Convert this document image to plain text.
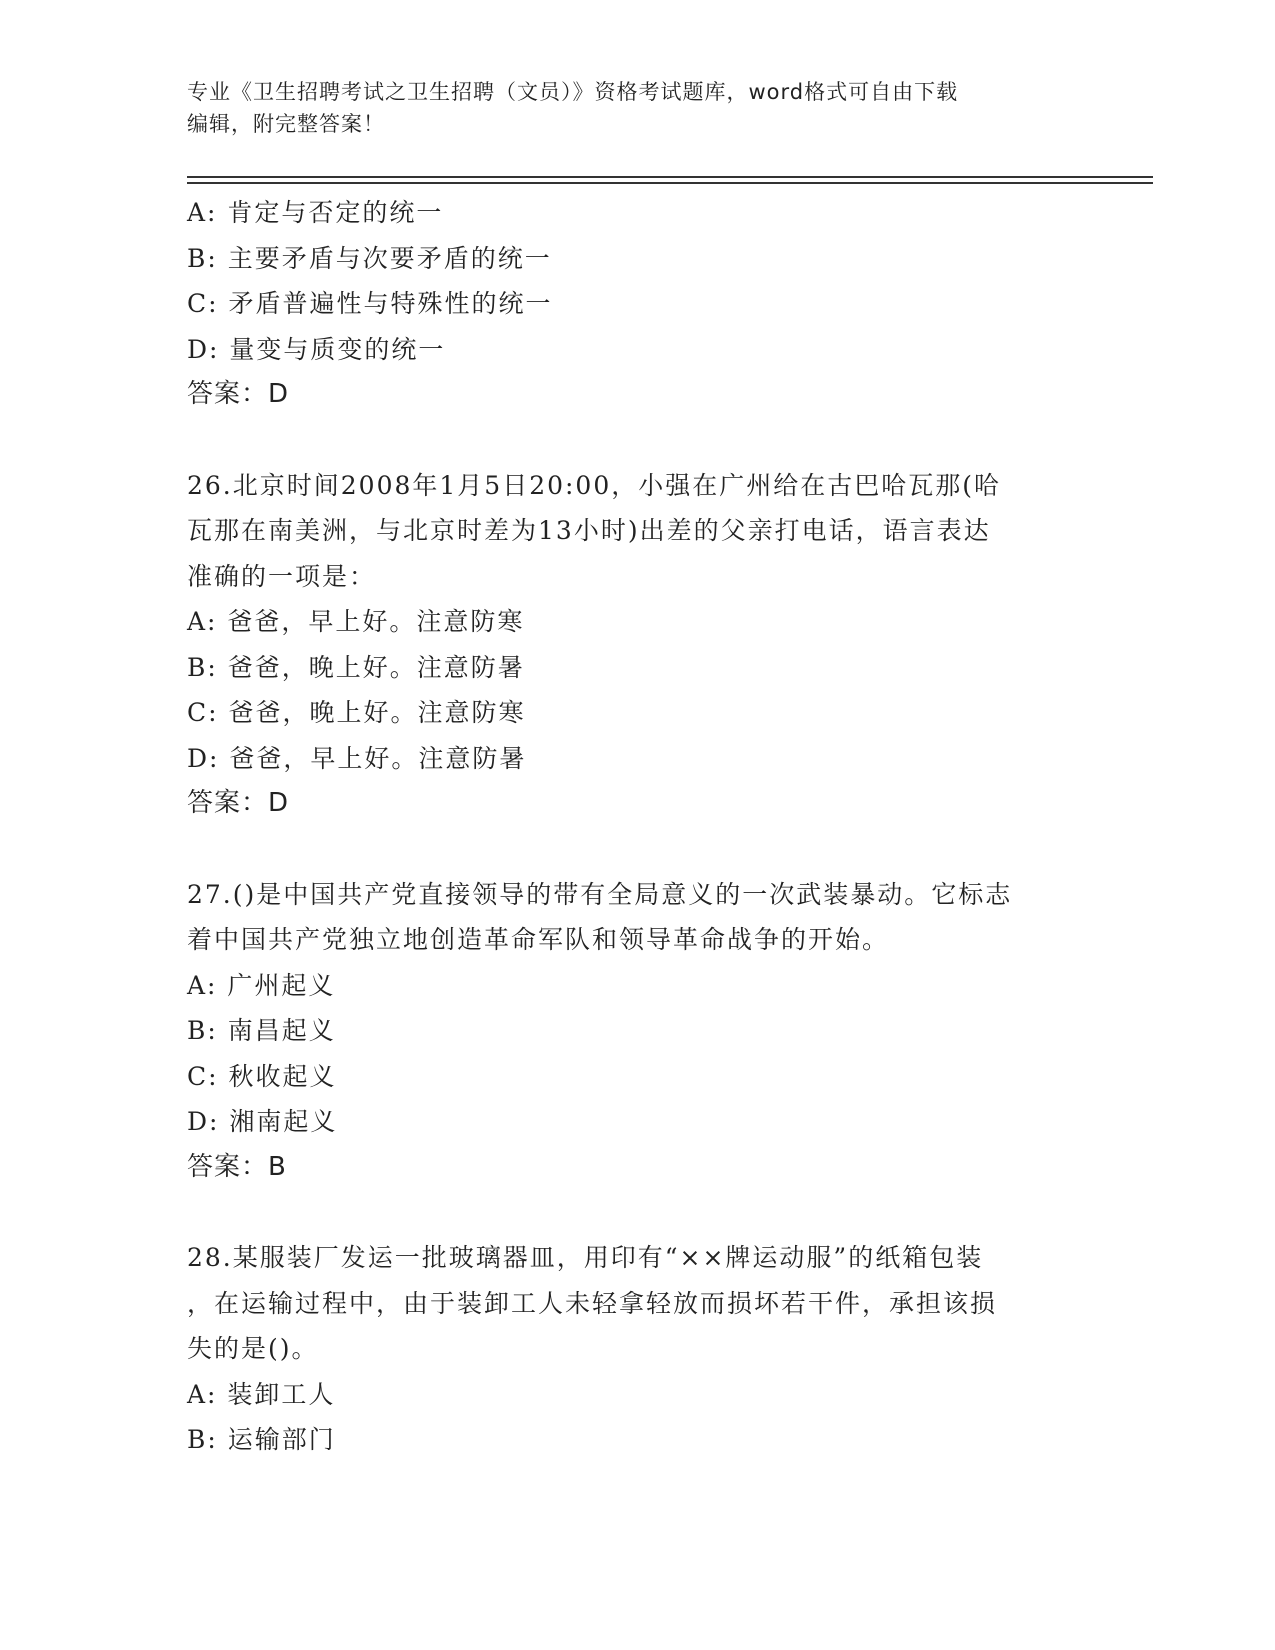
专业《卫生招聘考试之卫生招聘（文员）》资格考试题库，word格式可自由下载
编辑，附完整答案！
A: 肯定与否定的统一
B: 主要矛盾与次要矛盾的统一
C: 矛盾普遍性与特殊性的统一
D: 量变与质变的统一
答案：D
26.北京时间2008年1月5日20:00，小强在广州给在古巴哈瓦那(哈
瓦那在南美洲，与北京时差为13小时)出差的父亲打电话，语言表达
准确的一项是：
A: 爸爸，早上好。注意防寒
B: 爸爸，晚上好。注意防暑
C: 爸爸，晚上好。注意防寒
D: 爸爸，早上好。注意防暑
答案：D
27.()是中国共产党直接领导的带有全局意义的一次武装暴动。它标志
着中国共产党独立地创造革命军队和领导革命战争的开始。
A: 广州起义
B: 南昌起义
C: 秋收起义
D: 湘南起义
答案：B
28.某服装厂发运一批玻璃器皿，用印有“××牌运动服”的纸箱包装
，在运输过程中，由于装卸工人未轻拿轻放而损坏若干件，承担该损
失的是()。
A: 装卸工人
B: 运输部门
